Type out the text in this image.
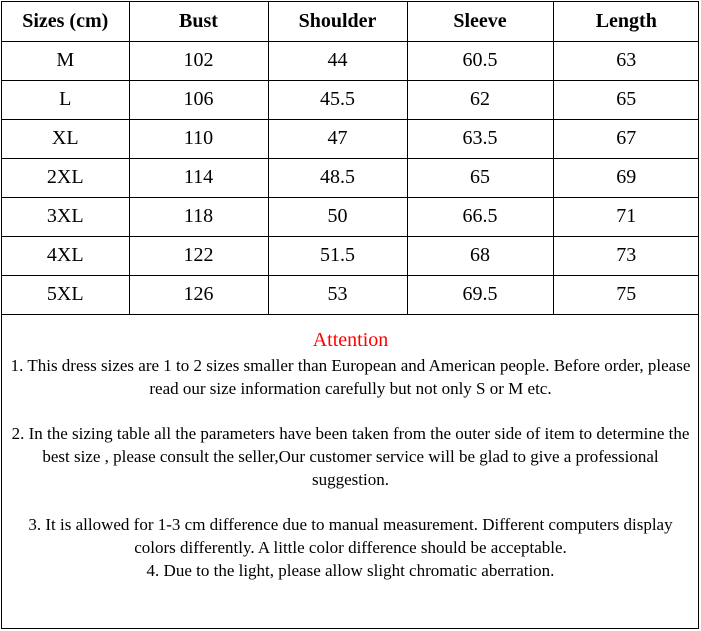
Sizes (cm)	Bust	Shoulder	Sleeve	Length
M	102	44	60.5	63
L	106	45.5	62	65
XL	110	47	63.5	67
2XL	114	48.5	65	69
3XL	118	50	66.5	71
4XL	122	51.5	68	73
5XL	126	53	69.5	75
Attention

1. This dress sizes are 1 to 2 sizes smaller than European and American people. Before order, please read our size information carefully but not only S or M etc.

2. In the sizing table all the parameters have been taken from the outer side of item to determine the best size , please consult the seller,Our customer service will be glad to give a professional suggestion.

3. It is allowed for 1-3 cm difference due to manual measurement. Different computers display colors differently. A little color difference should be acceptable.

4. Due to the light, please allow slight chromatic aberration.
